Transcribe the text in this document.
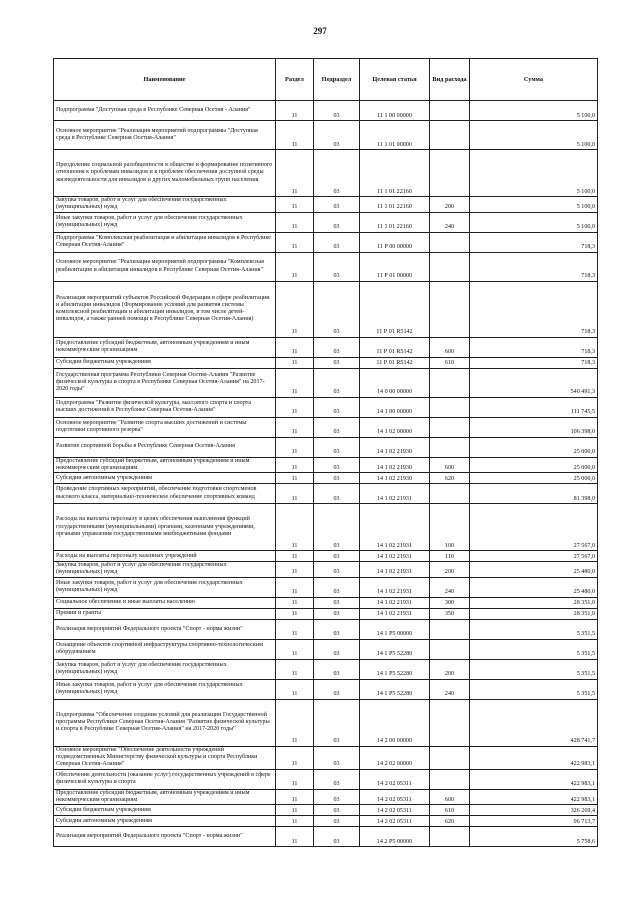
297
Наименование	Раздел	Подраздел	Целевая статья	Вид расхода	Сумма
Подпрограмма "Доступная среда в Республике Северная Осетия - Алания"	11	03	11 1 00 00000		5 100,0
Основное мероприятие "Реализация мероприятий подпрограммы "Доступная среда в Республике Северная Осетия-Алания"	11	03	11 1 01 00000		5 100,0
Преодоление социальной разобщенности в обществе и формирование позитивного отношения к проблемам инвалидов и к проблеме обеспечения доступной среды жизнедеятельности для инвалидов и других маломобильных групп населения	11	03	11 1 01 22160		5 100,0
Закупка товаров, работ и услуг для обеспечения государственных (муниципальных) нужд	11	03	11 1 01 22160	200	5 100,0
Иные закупки товаров, работ и услуг для обеспечения государственных (муниципальных) нужд	11	03	11 1 01 22160	240	5 100,0
Подпрограмма "Комплексная реабилитация и абилитация инвалидов в Республике Северная Осетия-Алания"	11	03	11 Р 00 00000		718,3
Основное мероприятие "Реализация мероприятий подпрограммы "Комплексная реабилитация и абилитация инвалидов в Республике Северная Осетия-Алания"	11	03	11 Р 01 00000		718,3
Реализация мероприятий субъектов Российской Федерации в сфере реабилитации и абилитации инвалидов (Формирование условий для развития системы комплексной реабилитации и абилитации инвалидов, в том числе детей-инвалидов, а также ранней помощи в Республике Северная Осетия-Алания)	11	03	11 Р 01 R5142		718,3
Предоставление субсидий бюджетным, автономным учреждениям и иным некоммерческим организациям	11	03	11 Р 01 R5142	600	718,3
Субсидии бюджетным учреждениям	11	03	11 Р 01 R5142	610	718,3
Государственная программа Республики Северная Осетия-Алания "Развитие физической культуры и спорта в Республике Северная Осетия-Алания" на 2017-2020 годы"	11	03	14 0 00 00000		540 491,3
Подпрограмма "Развитие физической культуры, массового спорта и спорта высших достижений в Республике Северная Осетия-Алания"	11	03	14 1 00 00000		111 745,5
Основное мероприятие "Развитие спорта высших достижений и системы подготовки спортивного резерва"	11	03	14 1 02 00000		106 398,0
Развитие спортивной борьбы в Республике Северная Осетия-Алания	11	03	14 1 02 21930		25 000,0
Предоставление субсидий бюджетным, автономным учреждениям и иным некоммерческим организациям	11	03	14 1 02 21930	600	25 000,0
Субсидии автономным учреждениям	11	03	14 1 02 21930	620	25 000,0
Проведение спортивных мероприятий, обеспечение подготовки спортсменов высокого класса, материально-техническое обеспечение спортивных команд	11	03	14 1 02 21931		81 398,0
Расходы на выплаты персоналу в целях обеспечения выполнения функций государственными (муниципальными) органами, казенными учреждениями, органами управления государственными внебюджетными фондами	11	03	14 1 02 21931	100	27 567,0
Расходы на выплаты персоналу казенных учреждений	11	03	14 1 02 21931	110	27 567,0
Закупка товаров, работ и услуг для обеспечения государственных (муниципальных) нужд	11	03	14 1 02 21931	200	25 480,0
Иные закупки товаров, работ и услуг для обеспечения государственных (муниципальных) нужд	11	03	14 1 02 21931	240	25 480,0
Социальное обеспечение и иные выплаты населению	11	03	14 1 02 21931	300	28 351,0
Премии и гранты	11	03	14 1 02 21931	350	28 351,0
Реализация мероприятий Федерального проекта "Спорт - норма жизни"	11	03	14 1 P5 00000		5 351,5
Оснащение объектов спортивной инфраструктуры спортивно-технологическим оборудованием	11	03	14 1 P5 52280		5 351,5
Закупка товаров, работ и услуг для обеспечения государственных (муниципальных) нужд	11	03	14 1 P5 52280	200	5 351,5
Иные закупки товаров, работ и услуг для обеспечения государственных (муниципальных) нужд	11	03	14 1 P5 52280	240	5 351,5
Подпрограмма "Обеспечение создания условий для реализации Государственной программы Республики Северная Осетия-Алания "Развитие физической культуры и спорта в Республике Северная Осетия-Алания" на 2017-2020 годы"	11	03	14 2 00 00000		428 741,7
Основное мероприятие "Обеспечение деятельности учреждений подведомственных Министерству физической культуры и спорта Республики Северная Осетия-Алания"	11	03	14 2 02 00000		422 983,1
Обеспечение деятельности (оказание услуг) государственных учреждений в сфере физической культуры и спорта	11	03	14 2 02 05311		422 983,1
Предоставление субсидий бюджетным, автономным учреждениям и иным некоммерческим организациям	11	03	14 2 02 05311	600	422 983,1
Субсидии бюджетным учреждениям	11	03	14 2 02 05311	610	326 269,4
Субсидии автономным учреждениям	11	03	14 2 02 05311	620	96 713,7
Реализация мероприятий Федерального проекта "Спорт - норма жизни"	11	03	14 2 P5 00000		5 758,6
